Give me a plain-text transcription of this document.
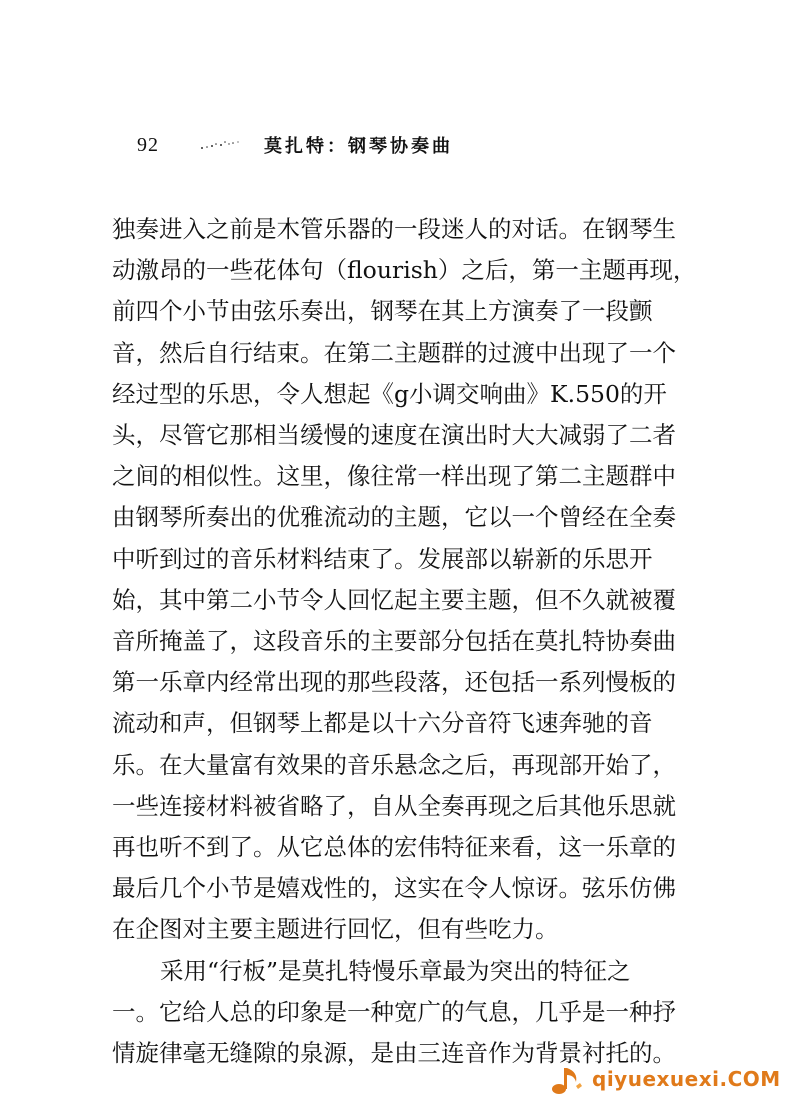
92	莫扎特：钢琴协奏曲
独奏进入之前是木管乐器的一段迷人的对话。在钢琴生
动激昂的一些花体句（flourish）之后，第一主题再现，
前四个小节由弦乐奏出，钢琴在其上方演奏了一段颤
音，然后自行结束。在第二主题群的过渡中出现了一个
经过型的乐思，令人想起《g小调交响曲》K.550的开
头，尽管它那相当缓慢的速度在演出时大大减弱了二者
之间的相似性。这里，像往常一样出现了第二主题群中
由钢琴所奏出的优雅流动的主题，它以一个曾经在全奏
中听到过的音乐材料结束了。发展部以崭新的乐思开
始，其中第二小节令人回忆起主要主题，但不久就被覆
音所掩盖了，这段音乐的主要部分包括在莫扎特协奏曲
第一乐章内经常出现的那些段落，还包括一系列慢板的
流动和声，但钢琴上都是以十六分音符飞速奔驰的音
乐。在大量富有效果的音乐悬念之后，再现部开始了，
一些连接材料被省略了，自从全奏再现之后其他乐思就
再也听不到了。从它总体的宏伟特征来看，这一乐章的
最后几个小节是嬉戏性的，这实在令人惊讶。弦乐仿佛
在企图对主要主题进行回忆，但有些吃力。
采用“行板”是莫扎特慢乐章最为突出的特征之
一。它给人总的印象是一种宽广的气息，几乎是一种抒
情旋律毫无缝隙的泉源，是由三连音作为背景衬托的。
qiyuexuexi.COM
